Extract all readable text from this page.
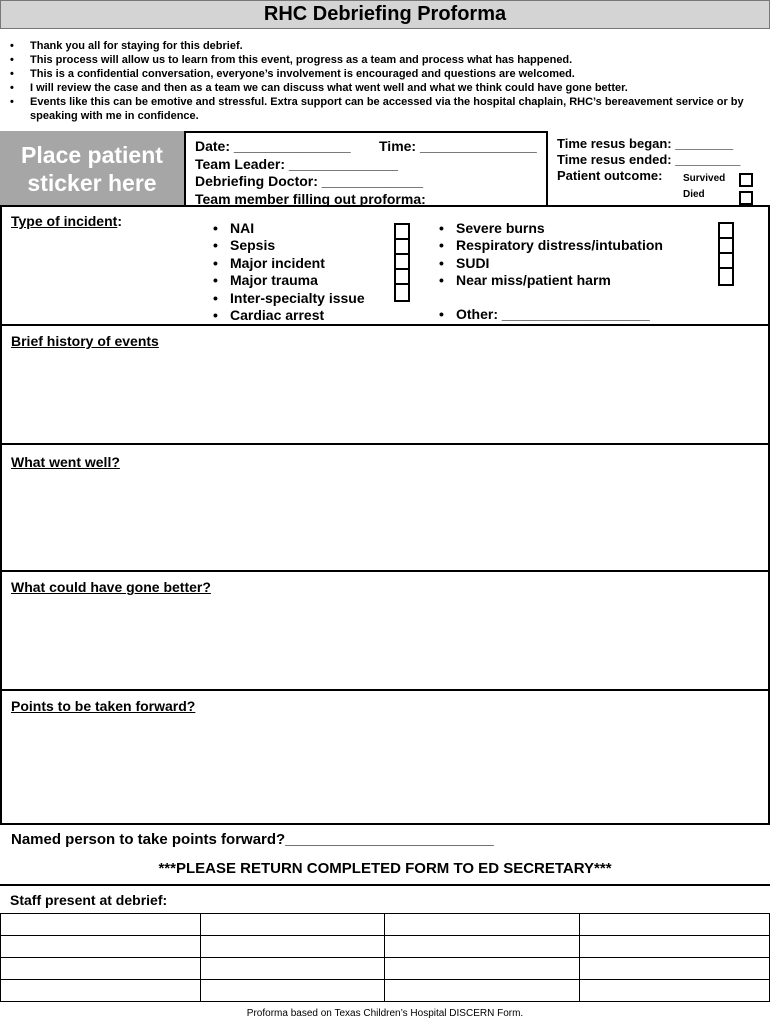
RHC Debriefing Proforma
• Thank you all for staying for this debrief.
• This process will allow us to learn from this event, progress as a team and process what has happened.
• This is a confidential conversation, everyone’s involvement is encouraged and questions are welcomed.
• I will review the case and then as a team we can discuss what went well and what we think could have gone better.
• Events like this can be emotive and stressful. Extra support can be accessed via the hospital chaplain, RHC’s bereavement service or by speaking with me in confidence.
Place patient
sticker here
Date: _______________ Time: _______________
Team Leader: ______________
Debriefing Doctor: _____________
Team member filling out proforma: __________
Time resus began: ________
Time resus ended: _________
Patient outcome: Survived
Died
Type of incident:
•	NAI
• Sepsis
• Major incident
• Major trauma
• Inter-specialty issue
• Cardiac arrest
• Severe burns
• Respiratory distress/intubation
• SUDI
• Near miss/patient harm
• Other: ___________________
Brief history of events
What went well?
What could have gone better?
Points to be taken forward?
Named person to take points forward?_________________________
***PLEASE RETURN COMPLETED FORM TO ED SECRETARY***
Staff present at debrief:

Proforma based on Texas Children’s Hospital DISCERN Form.
